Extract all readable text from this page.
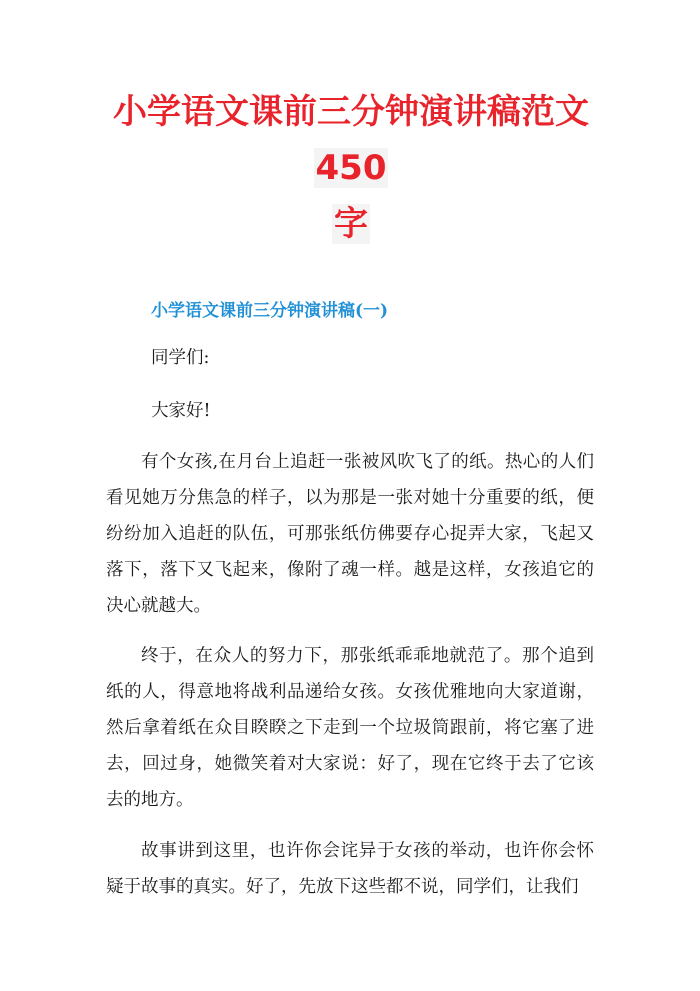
小学语文课前三分钟演讲稿范文450
字
小学语文课前三分钟演讲稿(一)
同学们:
大家好!
有个女孩,在月台上追赶一张被风吹飞了的纸。热心的人们看见她万分焦急的样子，以为那是一张对她十分重要的纸，便纷纷加入追赶的队伍，可那张纸仿佛要存心捉弄大家，飞起又落下，落下又飞起来，像附了魂一样。越是这样，女孩追它的决心就越大。
终于，在众人的努力下，那张纸乖乖地就范了。那个追到纸的人，得意地将战利品递给女孩。女孩优雅地向大家道谢，然后拿着纸在众目睽睽之下走到一个垃圾筒跟前，将它塞了进去，回过身，她微笑着对大家说：好了，现在它终于去了它该去的地方。
故事讲到这里，也许你会诧异于女孩的举动，也许你会怀疑于故事的真实。好了，先放下这些都不说，同学们，让我们
